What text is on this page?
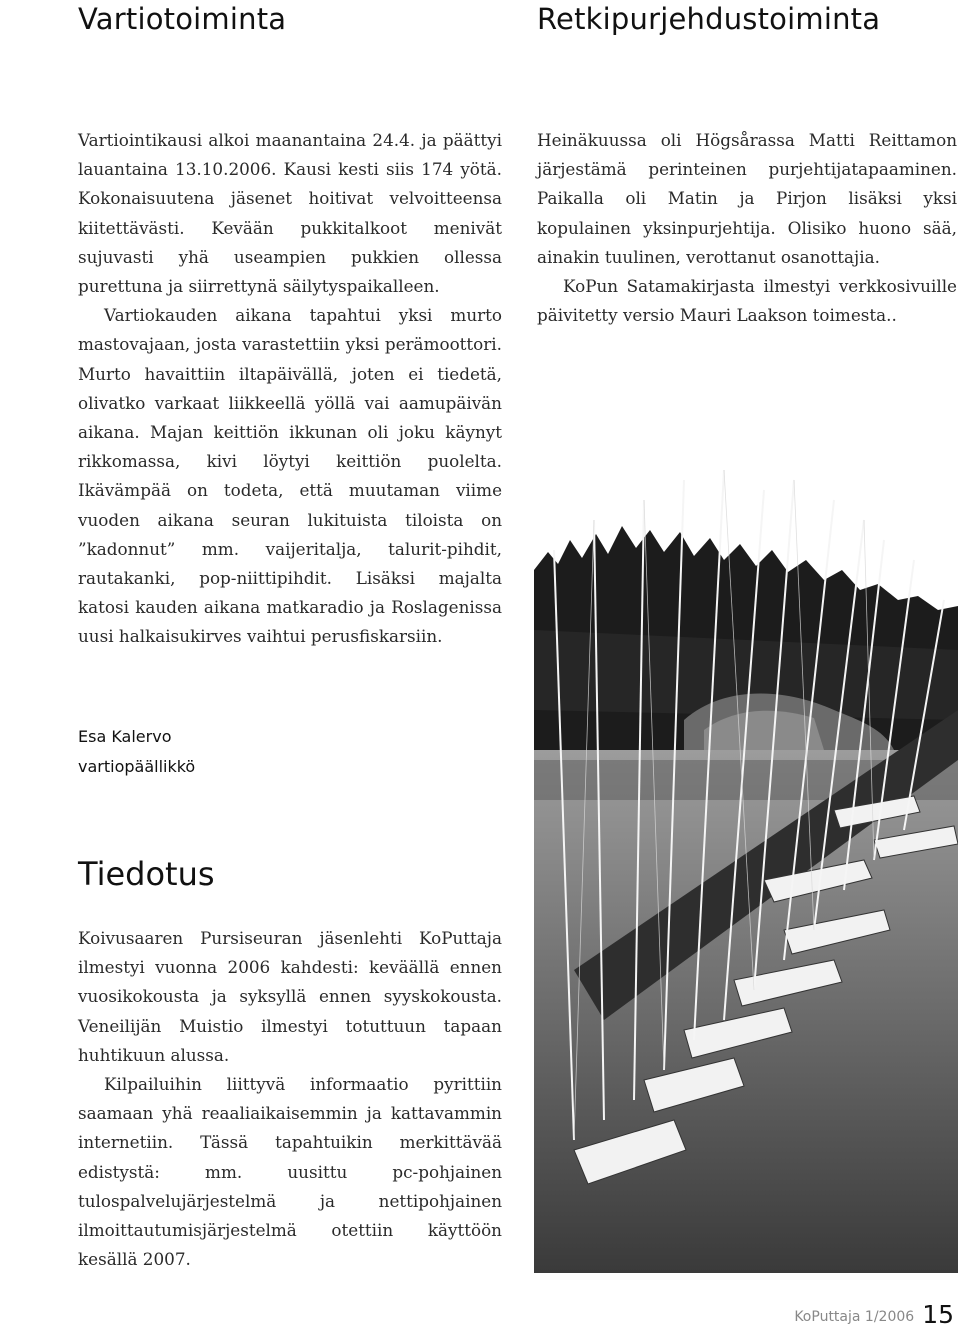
Vartiotoiminta

Vartiointikausi alkoi maanantaina 24.4. ja päättyi lauantaina 13.10.2006. Kausi kesti siis 174 yötä. Kokonaisuutena jäsenet hoitivat velvoitteensa kiitettävästi. Kevään pukkitalkoot menivät sujuvasti yhä useampien pukkien ollessa purettuna ja siirrettynä säilytyspaikalleen.

Vartiokauden aikana tapahtui yksi murto mastovajaan, josta varastettiin yksi perämoottori. Murto havaittiin iltapäivällä, joten ei tiedetä, olivatko varkaat liikkeellä yöllä vai aamupäivän aikana. Majan keittiön ikkunan oli joku käynyt rikkomassa, kivi löytyi keittiön puolelta. Ikävämpää on todeta, että muutaman viime vuoden aikana seuran lukituista tiloista on ”kadonnut” mm. vaijeritalja, talurit-pihdit, rautakanki, pop-niittipihdit. Lisäksi majalta katosi kauden aikana matkaradio ja Roslagenissa uusi halkaisukirves vaihtui perusfiskarsiin.

Esa Kalervo
vartiopäällikkö
Tiedotus

Koivusaaren Pursiseuran jäsenlehti KoPuttaja ilmestyi vuonna 2006 kahdesti: keväällä ennen vuosikokousta ja syksyllä ennen syyskokousta. Veneilijän Muistio ilmestyi totuttuun tapaan huhtikuun alussa.

Kilpailuihin liittyvä informaatio pyrittiin saamaan yhä reaaliaikaisemmin ja kattavammin internetiin. Tässä tapahtuikin merkittävää edistystä: mm. uusittu pc-pohjainen tulospalvelujärjestelmä ja nettipohjainen ilmoittautumisjärjestelmä otettiin käyttöön kesällä 2007.

Retkipurjehdustoiminta

Heinäkuussa oli Högsårassa Matti Reittamon järjestämä perinteinen purjehtijatapaaminen. Paikalla oli Matin ja Pirjon lisäksi yksi kopulainen yksinpurjehtija. Olisiko huono sää, ainakin tuulinen, verottanut osanottajia.

KoPun Satamakirjasta ilmestyi verkkosivuille päivitetty versio Mauri Laakson toimesta..

KoPuttaja 1/2006 15
